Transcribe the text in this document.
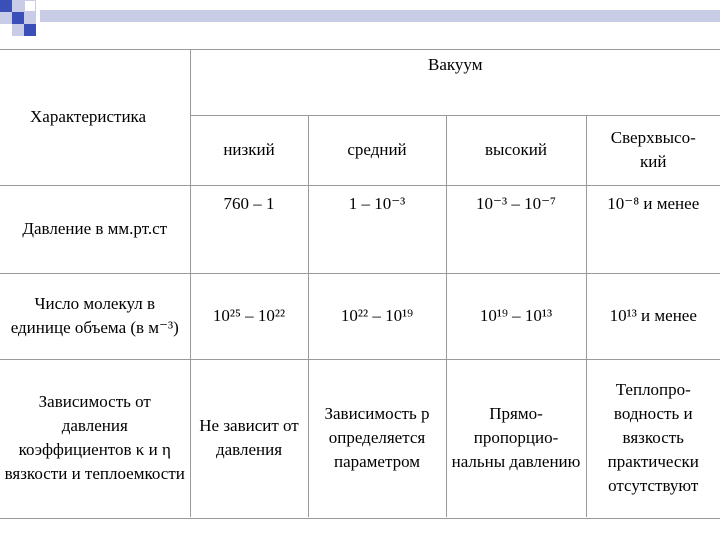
Характеристика	Вакуум			
	низкий	средний	высокий	Сверхвысо-
кий
Давление в мм.рт.ст	760 – 1	1 – 10⁻³	10⁻³ – 10⁻⁷	10⁻⁸ и менее
Число молекул в единице объема (в м⁻³)	10²⁵ – 10²²	10²² – 10¹⁹	10¹⁹ – 10¹³	10¹³ и менее
Зависимость от давления коэффициентов κ и η вязкости и теплоемкости	Не зависит от давления	Зависимость p определяется параметром	Прямо-пропорцио-нальны давлению	Теплопро-водность и вязкость практически отсутствуют
